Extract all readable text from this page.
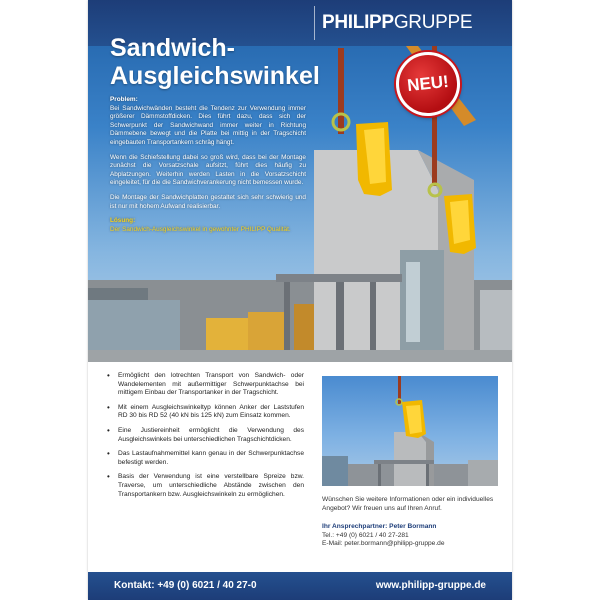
PHILIPPGRUPPE
Sandwich-
Ausgleichswinkel	NEU!

Problem:

Bei Sandwichwänden besteht die Tendenz zur Verwendung immer größerer Dämmstoffdicken. Dies führt dazu, dass sich der Schwerpunkt der Sandwichwand immer weiter in Richtung Dämmebene bewegt und die Platte bei mittig in der Tragschicht eingebauten Transportankern schräg hängt.

Wenn die Schiefstellung dabei so groß wird, dass bei der Montage zunächst die Vorsatzschale aufsitzt, führt dies häufig zu Abplatzungen. Weiterhin werden Lasten in die Vorsatzschicht eingeleitet, für die die Sandwichverankerung nicht bemessen wurde.

Die Montage der Sandwichplatten gestaltet sich sehr schwierig und ist nur mit hohem Aufwand realisierbar.

Lösung:

Der Sandwich-Ausgleichswinkel in gewohnter PHILIPP Qualität.

• Ermöglicht den lotrechten Transport von Sandwich- oder Wandelementen mit außermittiger Schwerpunktachse bei mittigem Einbau der Transportanker in der Tragschicht.
• Mit einem Ausgleichswinkeltyp können Anker der Laststufen RD 30 bis RD 52 (40 kN bis 125 kN) zum Einsatz kommen.
• Eine Justiereinheit ermöglicht die Verwendung des Ausgleichswinkels bei unterschiedlichen Tragschichtdicken.
• Das Lastaufnahmemittel kann genau in der Schwerpunktachse befestigt werden.
• Basis der Verwendung ist eine verstellbare Spreize bzw. Traverse, um unterschiedliche Abstände zwischen den Transportankern bzw. Ausgleichswinkeln zu ermöglichen.

Wünschen Sie weitere Informationen oder ein individuelles Angebot? Wir freuen uns auf Ihren Anruf.

Ihr Ansprechpartner: Peter Bormann

Tel.: +49 (0) 6021 / 40 27-281

E-Mail: peter.bormann@philipp-gruppe.de

Kontakt: +49 (0) 6021 / 40 27-0	www.philipp-gruppe.de
